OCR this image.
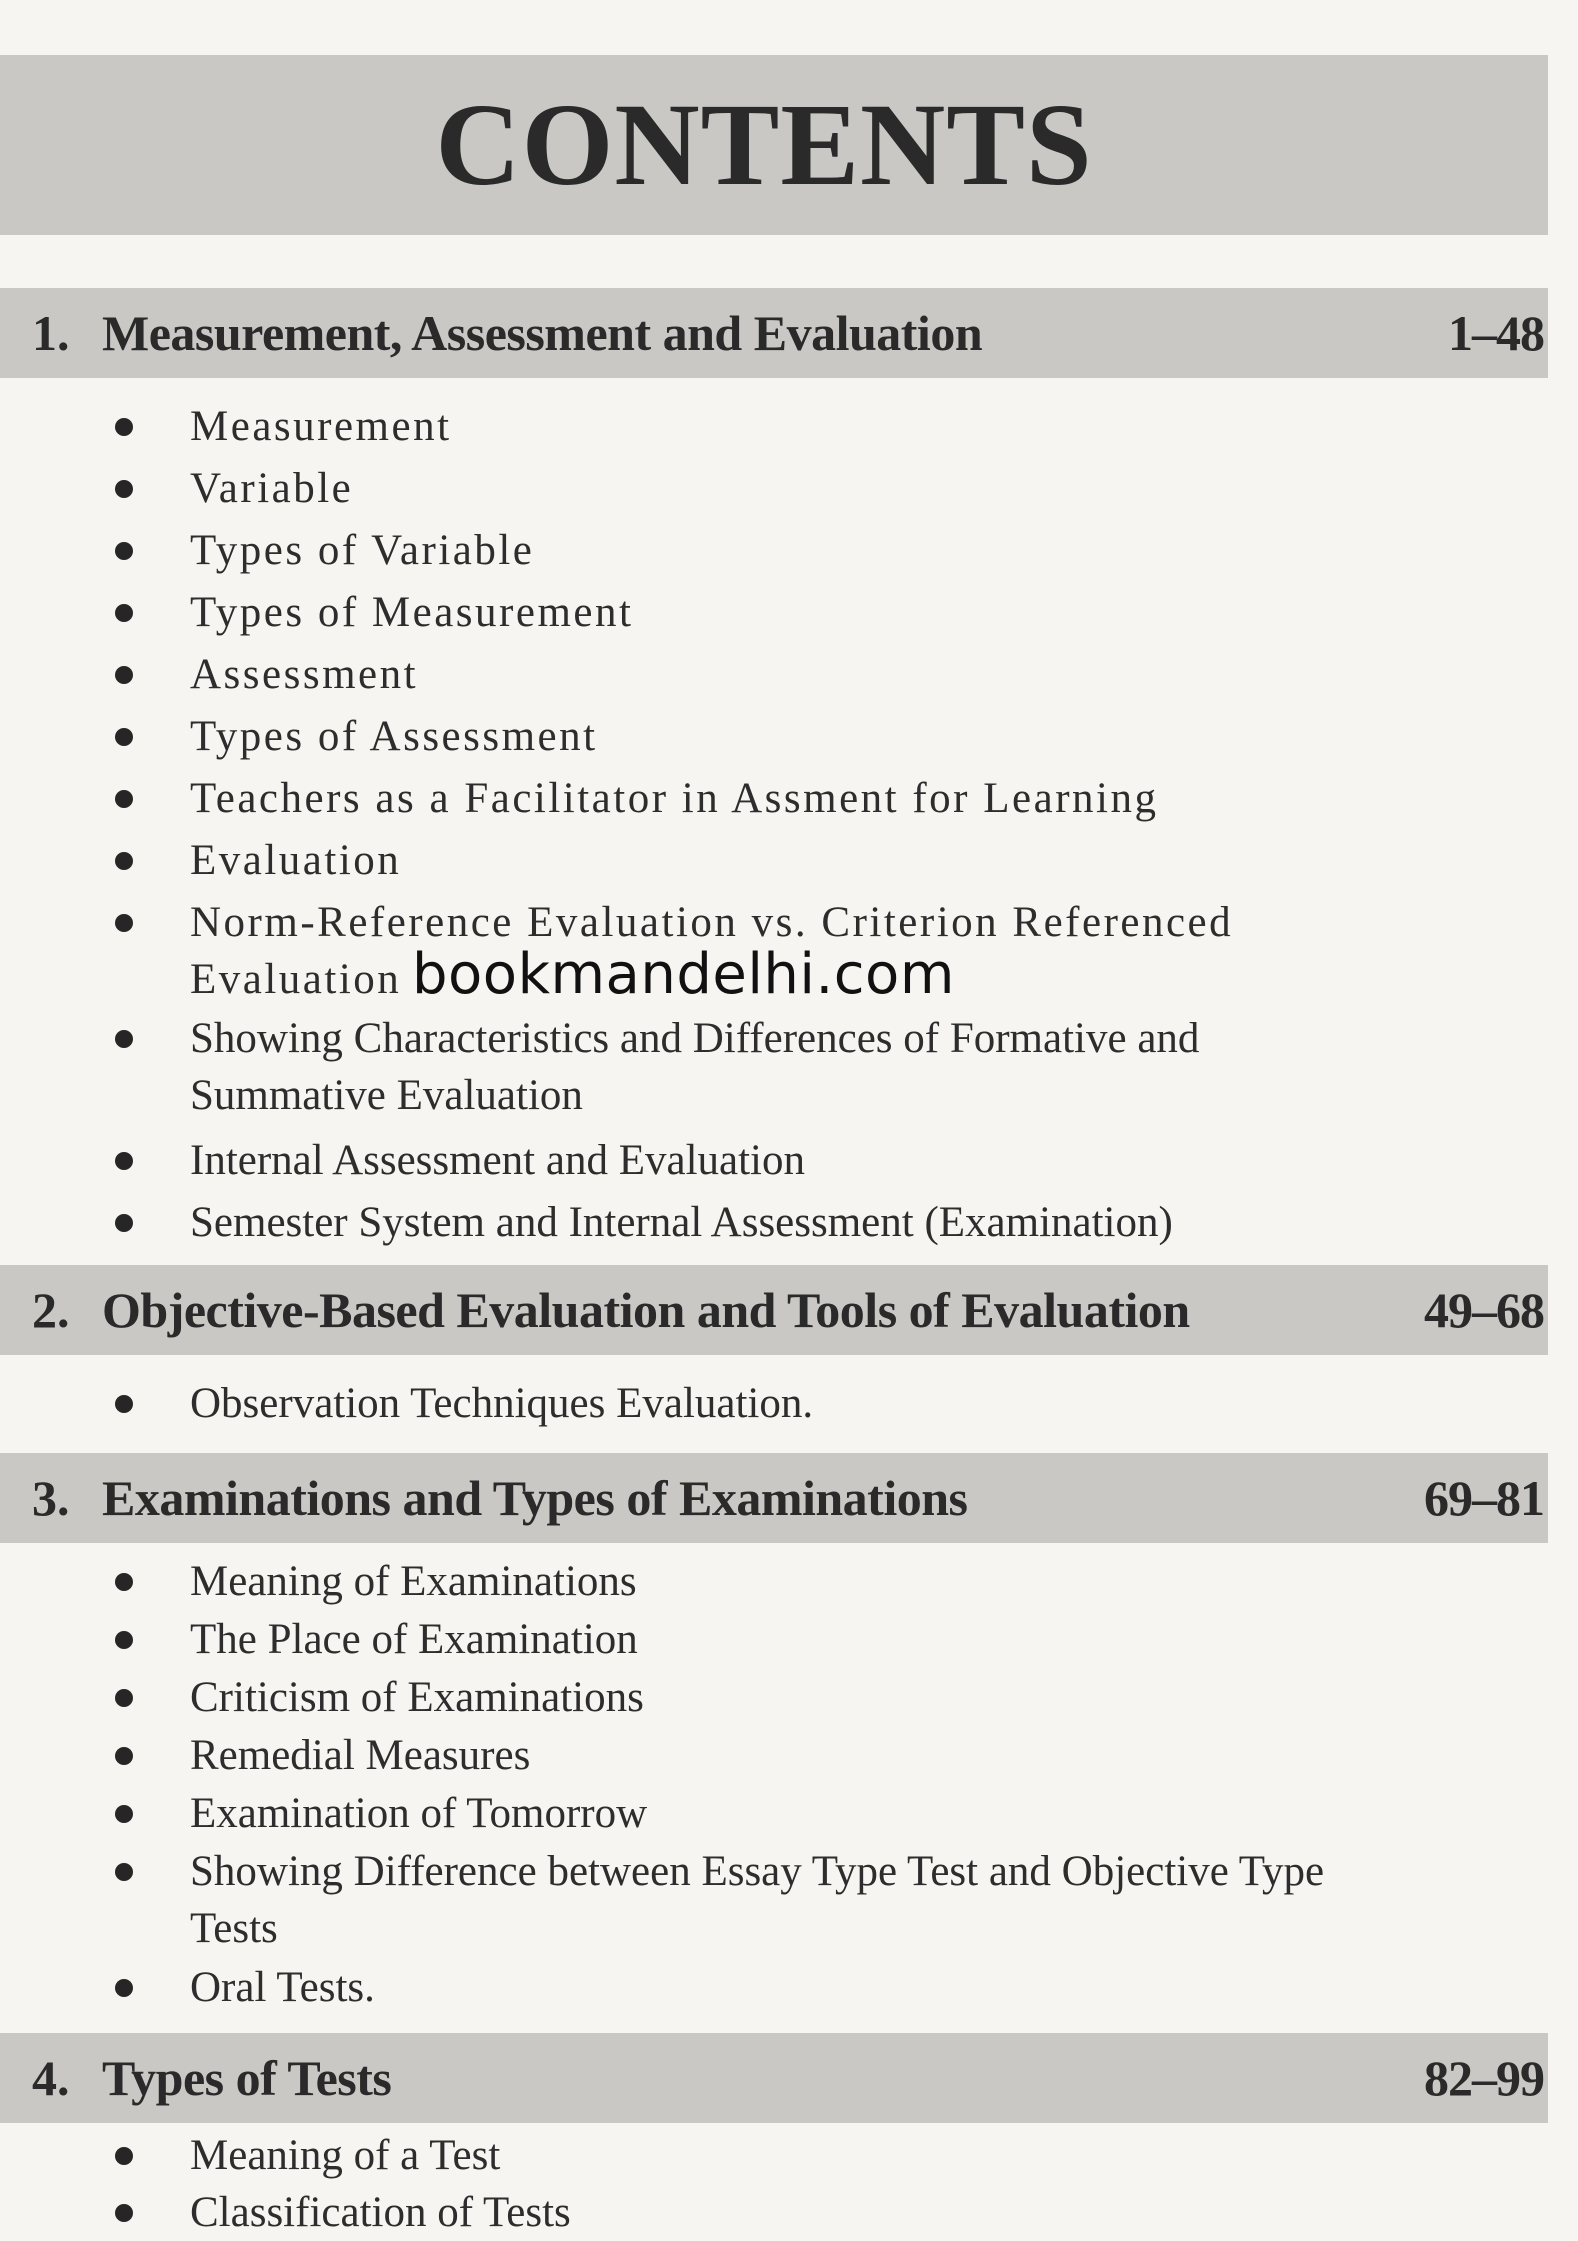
CONTENTS
1. Measurement, Assessment and Evaluation	1–48
Measurement
Variable
Types of Variable
Types of Measurement
Assessment
Types of Assessment
Teachers as a Facilitator in Assment for Learning
Evaluation
Norm-Reference Evaluation vs. Criterion Referenced Evaluation
Showing Characteristics and Differences of Formative and Summative Evaluation
Internal Assessment and Evaluation
Semester System and Internal Assessment (Examination)
bookmandelhi.com
2. Objective-Based Evaluation and Tools of Evaluation	49–68
Observation Techniques Evaluation.
3. Examinations and Types of Examinations	69–81
Meaning of Examinations
The Place of Examination
Criticism of Examinations
Remedial Measures
Examination of Tomorrow
Showing Difference between Essay Type Test and Objective Type Tests
Oral Tests.
4. Types of Tests	82–99
Meaning of a Test
Classification of Tests
